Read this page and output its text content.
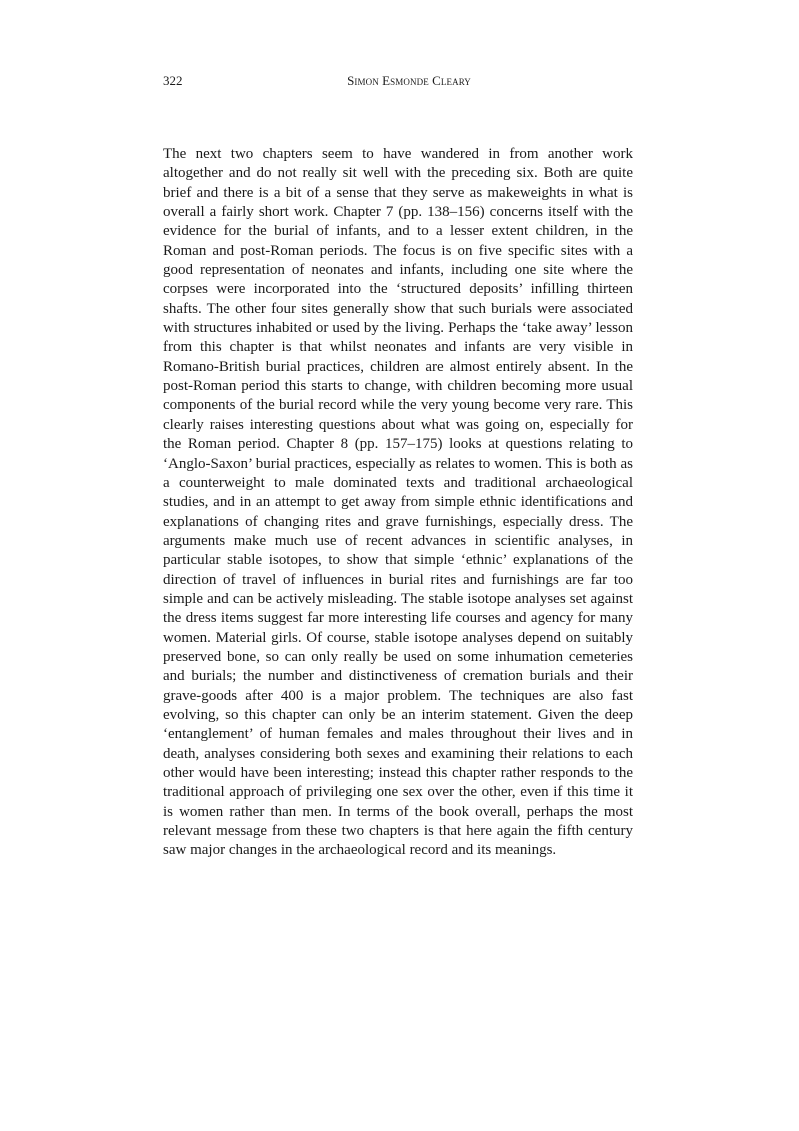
322	Simon Esmonde Cleary

The next two chapters seem to have wandered in from another work altogether and do not really sit well with the preceding six. Both are quite brief and there is a bit of a sense that they serve as makeweights in what is overall a fairly short work. Chapter 7 (pp. 138–156) concerns itself with the evidence for the burial of infants, and to a lesser extent children, in the Roman and post-Roman periods. The focus is on five specific sites with a good representation of neonates and infants, including one site where the corpses were incorporated into the ‘structured deposits’ infilling thirteen shafts. The other four sites generally show that such burials were associated with structures inhabited or used by the living. Perhaps the ‘take away’ lesson from this chapter is that whilst neonates and infants are very visible in Romano-British burial practices, children are almost entirely absent. In the post-Roman period this starts to change, with children becoming more usual components of the burial record while the very young become very rare. This clearly raises interesting questions about what was going on, especially for the Roman period. Chapter 8 (pp. 157–175) looks at questions relating to ‘Anglo-Saxon’ burial practices, especially as relates to women. This is both as a counterweight to male dominated texts and traditional archaeological studies, and in an attempt to get away from simple ethnic identifications and explanations of changing rites and grave furnishings, especially dress. The arguments make much use of recent advances in scientific analyses, in particular stable isotopes, to show that simple ‘ethnic’ explanations of the direction of travel of influences in burial rites and furnishings are far too simple and can be actively misleading. The stable isotope analyses set against the dress items suggest far more interesting life courses and agency for many women. Material girls. Of course, stable isotope analyses depend on suitably preserved bone, so can only really be used on some inhumation cemeteries and burials; the number and distinctiveness of cremation burials and their grave-goods after 400 is a major problem. The techniques are also fast evolving, so this chapter can only be an interim statement. Given the deep ‘entanglement’ of human females and males throughout their lives and in death, analyses considering both sexes and examining their relations to each other would have been interesting; instead this chapter rather responds to the traditional approach of privileging one sex over the other, even if this time it is women rather than men. In terms of the book overall, perhaps the most relevant message from these two chapters is that here again the fifth century saw major changes in the archaeological record and its meanings.
